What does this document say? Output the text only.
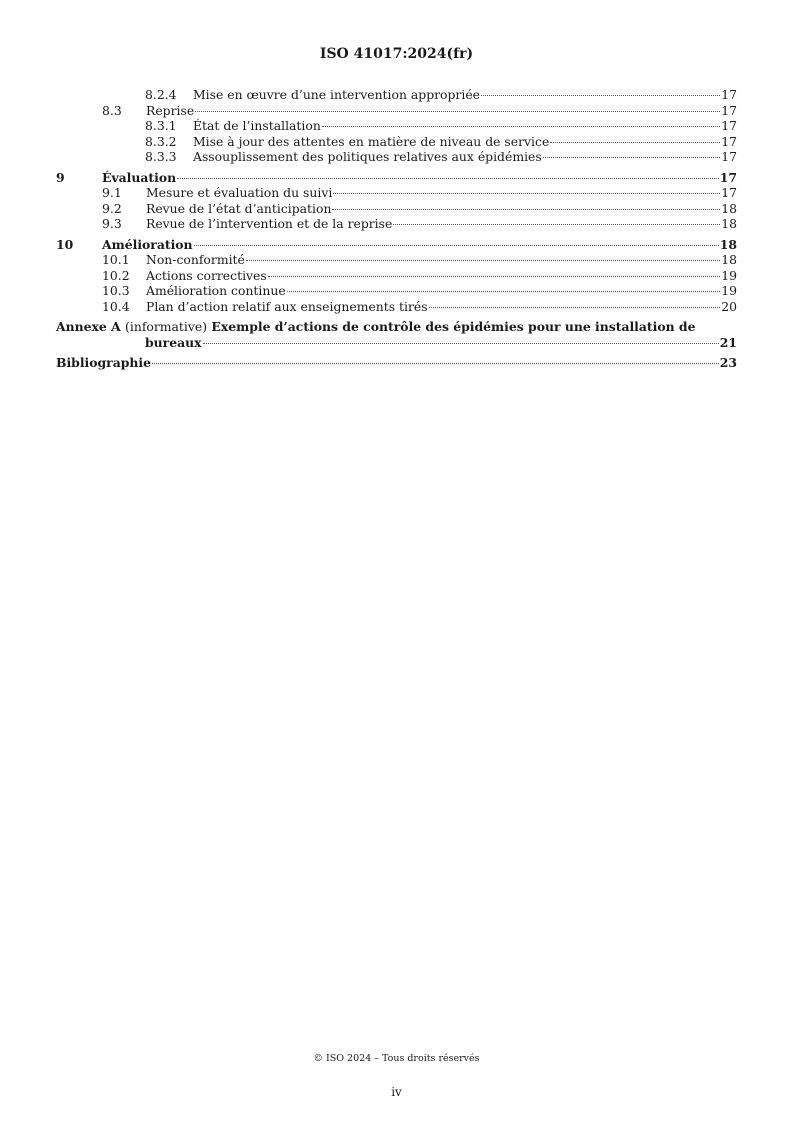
ISO 41017:2024(fr)
8.2.4	Mise en œuvre d’une intervention appropriée	17
8.3	Reprise	17
8.3.1	État de l’installation	17
8.3.2	Mise à jour des attentes en matière de niveau de service	17
8.3.3	Assouplissement des politiques relatives aux épidémies	17
9	Évaluation	17
9.1	Mesure et évaluation du suivi	17
9.2	Revue de l’état d’anticipation	18
9.3	Revue de l’intervention et de la reprise	18
10	Amélioration	18
10.1	Non-conformité	18
10.2	Actions correctives	19
10.3	Amélioration continue	19
10.4	Plan d’action relatif aux enseignements tirés	20
Annexe A (informative) Exemple d’actions de contrôle des épidémies pour une installation de
bureaux	21
Bibliographie	23
© ISO 2024 – Tous droits réservés
iv
